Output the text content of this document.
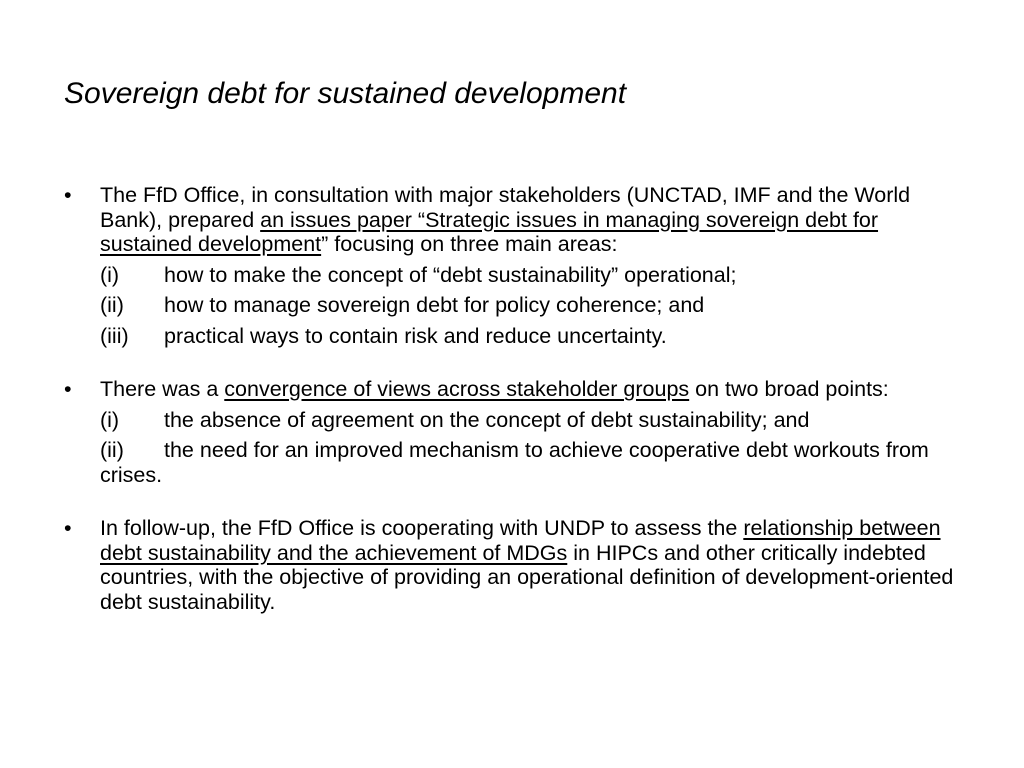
Sovereign debt for sustained development
• The FfD Office, in consultation with major stakeholders (UNCTAD, IMF and the World Bank), prepared an issues paper “Strategic issues in managing sovereign debt for sustained development” focusing on three main areas:

(i) how to make the concept of “debt sustainability” operational;
(ii) how to manage sovereign debt for policy coherence; and
(iii) practical ways to contain risk and reduce uncertainty.
• There was a convergence of views across stakeholder groups on two broad points:

(i) the absence of agreement on the concept of debt sustainability; and
(ii) the need for an improved mechanism to achieve cooperative debt workouts from crises.
• In follow-up, the FfD Office is cooperating with UNDP to assess the relationship between debt sustainability and the achievement of MDGs in HIPCs and other critically indebted countries, with the objective of providing an operational definition of development-oriented debt sustainability.
